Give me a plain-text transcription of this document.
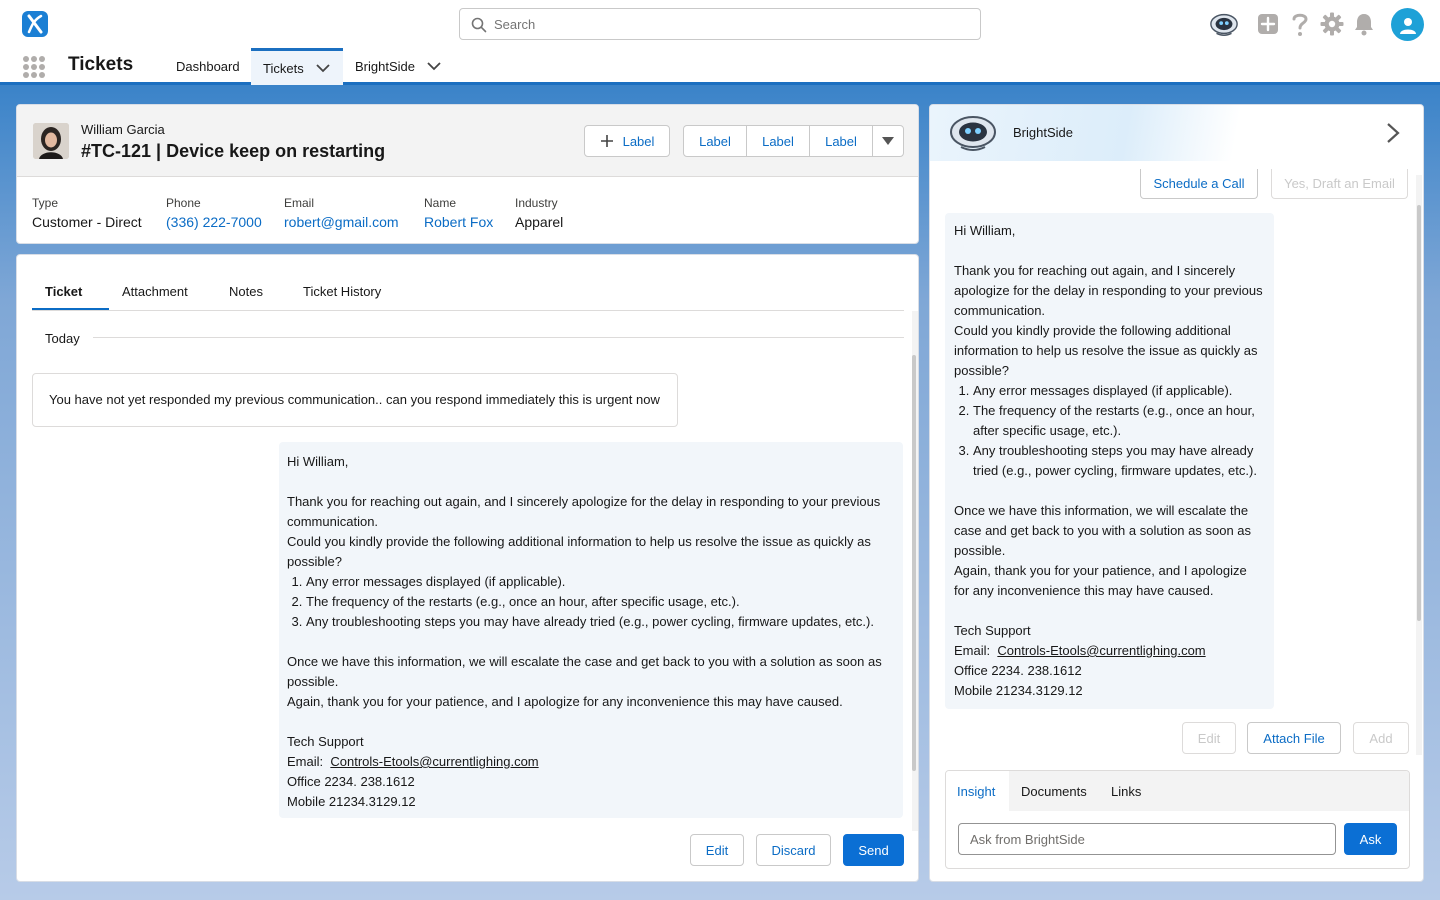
Search
Tickets	Dashboard Tickets	BrightSide
William Garcia
#TC-121 | Device keep on restarting	Label	Label	Label	Label
Type
Customer - Direct
Phone
(336) 222-7000
Email
robert@gmail.com
Name
Robert Fox
Industry
Apparel
Ticket	Attachment	Notes	Ticket History
Today
You have not yet responded my previous communication.. can you respond immediately this is urgent now
Hi William,
Thank you for reaching out again, and I sincerely apologize for the delay in responding to your previous communication.
Could you kindly provide the following additional information to help us resolve the issue as quickly as possible?
1. Any error messages displayed (if applicable).
2. The frequency of the restarts (e.g., once an hour, after specific usage, etc.).
3. Any troubleshooting steps you may have already tried (e.g., power cycling, firmware updates, etc.).
Once we have this information, we will escalate the case and get back to you with a solution as soon as possible.
Again, thank you for your patience, and I apologize for any inconvenience this may have caused.
Tech Support
Email: Controls-Etools@currentlighing.com
Office 2234. 238.1612
Mobile 21234.3129.12
Edit	Discard	Send
BrightSide
Schedule a Call	Yes, Draft an Email
Hi William,
Thank you for reaching out again, and I sincerely apologize for the delay in responding to your previous communication.
Could you kindly provide the following additional information to help us resolve the issue as quickly as possible?
1. Any error messages displayed (if applicable).
2. The frequency of the restarts (e.g., once an hour, after specific usage, etc.).
3. Any troubleshooting steps you may have already tried (e.g., power cycling, firmware updates, etc.).
Once we have this information, we will escalate the case and get back to you with a solution as soon as possible.
Again, thank you for your patience, and I apologize for any inconvenience this may have caused.
Tech Support
Email: Controls-Etools@currentlighing.com
Office 2234. 238.1612
Mobile 21234.3129.12
Edit	Attach File	Add
Insight	Documents Links
Ask from BrightSide
Ask
